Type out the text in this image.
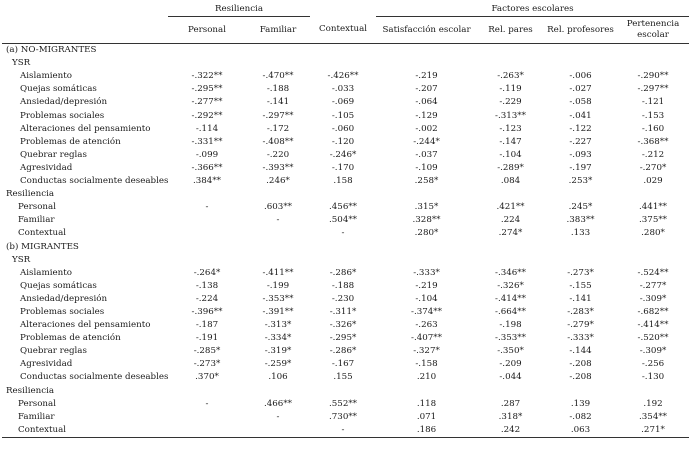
	Resiliencia			Factores escolares			
	Personal	Familiar	Contextual	Satisfacción escolar	Rel. pares	Rel. profesores	Pertenencia escolar
(a) NO-MIGRANTES							
YSR							
Aislamiento	-.322**	-.470**	-.426**	-.219	-.263*	-.006	-.290**
Quejas somáticas	-.295**	-.188	-.033	-.207	-.119	-.027	-.297**
Ansiedad/depresión	-.277**	-.141	-.069	-.064	-.229	-.058	-.121
Problemas sociales	-.292**	-.297**	-.105	-.129	-.313**	-.041	-.153
Alteraciones del pensamiento	-.114	-.172	-.060	-.002	-.123	-.122	-.160
Problemas de atención	-.331**	-.408**	-.120	-.244*	-.147	-.227	-.368**
Quebrar reglas	-.099	-.220	-.246*	-.037	-.104	-.093	-.212
Agresividad	-.366**	-.393**	-.170	-.109	-.289*	-.197	-.270*
Conductas socialmente deseables	.384**	.246*	.158	.258*	.084	.253*	.029
Resiliencia							
Personal	-	.603**	.456**	.315*	.421**	.245*	.441**
Familiar		-	.504**	.328**	.224	.383**	.375**
Contextual			-	.280*	.274*	.133	.280*
(b) MIGRANTES							
YSR							
Aislamiento	-.264*	-.411**	-.286*	-.333*	-.346**	-.273*	-.524**
Quejas somáticas	-.138	-.199	-.188	-.219	-.326*	-.155	-.277*
Ansiedad/depresión	-.224	-.353**	-.230	-.104	-.414**	-.141	-.309*
Problemas sociales	-.396**	-.391**	-.311*	-.374**	-.664**	-.283*	-.682**
Alteraciones del pensamiento	-.187	-.313*	-.326*	-.263	-.198	-.279*	-.414**
Problemas de atención	-.191	-.334*	-.295*	-.407**	-.353**	-.333*	-.520**
Quebrar reglas	-.285*	-.319*	-.286*	-.327*	-.350*	-.144	-.309*
Agresividad	-.273*	-.259*	-.167	-.158	-.209	-.208	-.256
Conductas socialmente deseables	.370*	.106	.155	.210	-.044	-.208	-.130
Resiliencia							
Personal	-	.466**	.552**	.118	.287	.139	.192
Familiar		-	.730**	.071	.318*	-.082	.354**
Contextual			-	.186	.242	.063	.271*
